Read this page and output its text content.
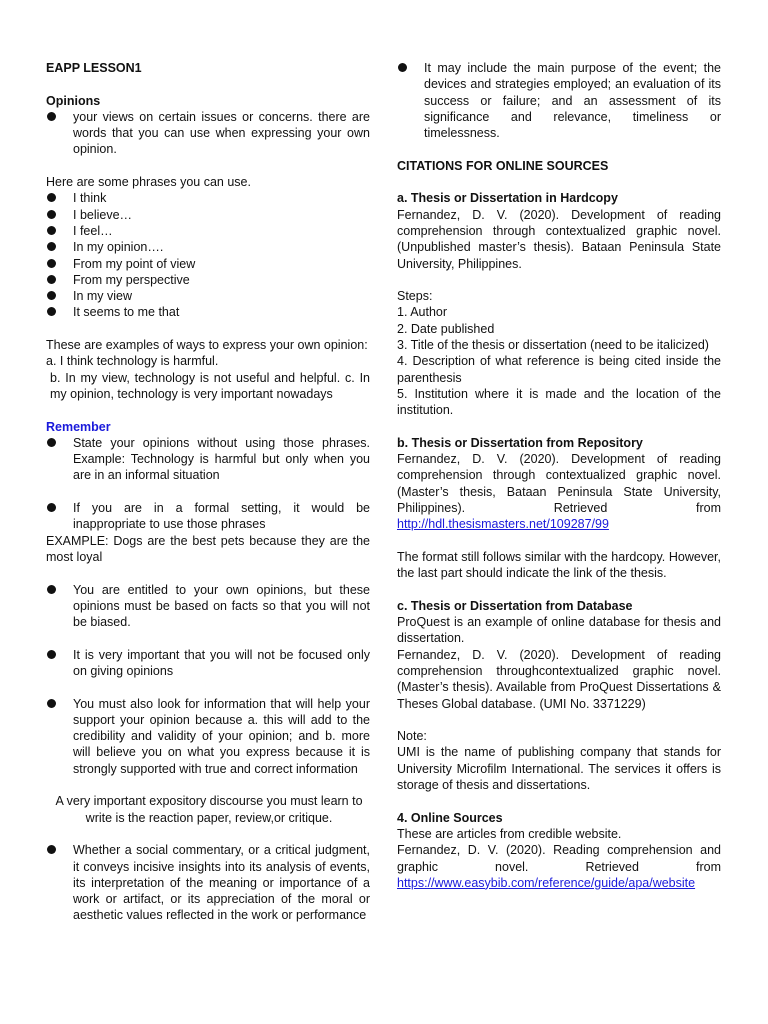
EAPP LESSON1

Opinions

your views on certain issues or concerns. there are words that you can use when expressing your own opinion.

Here are some phrases you can use.

I think
I believe…
I feel…
In my opinion….
From my point of view
From my perspective
In my view
It seems to me that

These are examples of ways to express your own opinion:

a. I think technology is harmful.

b. In my view, technology is not useful and helpful. c. In my opinion, technology is very important nowadays

Remember

State your opinions without using those phrases. Example: Technology is harmful but only when you are in an informal situation
If you are in a formal setting, it would be inappropriate to use those phrases

EXAMPLE: Dogs are the best pets because they are the most loyal

You are entitled to your own opinions, but these opinions must be based on facts so that you will not be biased.
It is very important that you will not be focused only on giving opinions
You must also look for information that will help your support your opinion because a. this will add to the credibility and validity of your opinion; and b. more will believe you on what you express because it is strongly supported with true and correct information

A very important expository discourse you must learn to write is the reaction paper, review,or critique.

Whether a social commentary, or a critical judgment, it conveys incisive insights into its analysis of events, its interpretation of the meaning or importance of a work or artifact, or its appreciation of the moral or aesthetic values reflected in the work or performance
It may include the main purpose of the event; the devices and strategies employed; an evaluation of its success or failure; and an assessment of its significance and relevance, timeliness or timelessness.

CITATIONS FOR ONLINE SOURCES

a. Thesis or Dissertation in Hardcopy

Fernandez, D. V. (2020). Development of reading comprehension through contextualized graphic novel. (Unpublished master’s thesis). Bataan Peninsula State University, Philippines.

Steps:

1. Author

2. Date published

3. Title of the thesis or dissertation (need to be italicized)

4. Description of what reference is being cited inside the parenthesis

5. Institution where it is made and the location of the institution.

b. Thesis or Dissertation from Repository

Fernandez, D. V. (2020). Development of reading comprehension through contextualized graphic novel. (Master’s thesis, Bataan Peninsula State University, Philippines). Retrieved from

http://hdl.thesismasters.net/109287/99

The format still follows similar with the hardcopy. However, the last part should indicate the link of the thesis.

c. Thesis or Dissertation from Database

ProQuest is an example of online database for thesis and dissertation.

Fernandez, D. V. (2020). Development of reading comprehension throughcontextualized graphic novel. (Master’s thesis). Available from ProQuest Dissertations & Theses Global database. (UMI No. 3371229)

Note:

UMI is the name of publishing company that stands for University Microfilm International. The services it offers is storage of thesis and dissertations.

4. Online Sources

These are articles from credible website.

Fernandez, D. V. (2020). Reading comprehension and graphic novel. Retrieved from

https://www.easybib.com/reference/guide/apa/website
